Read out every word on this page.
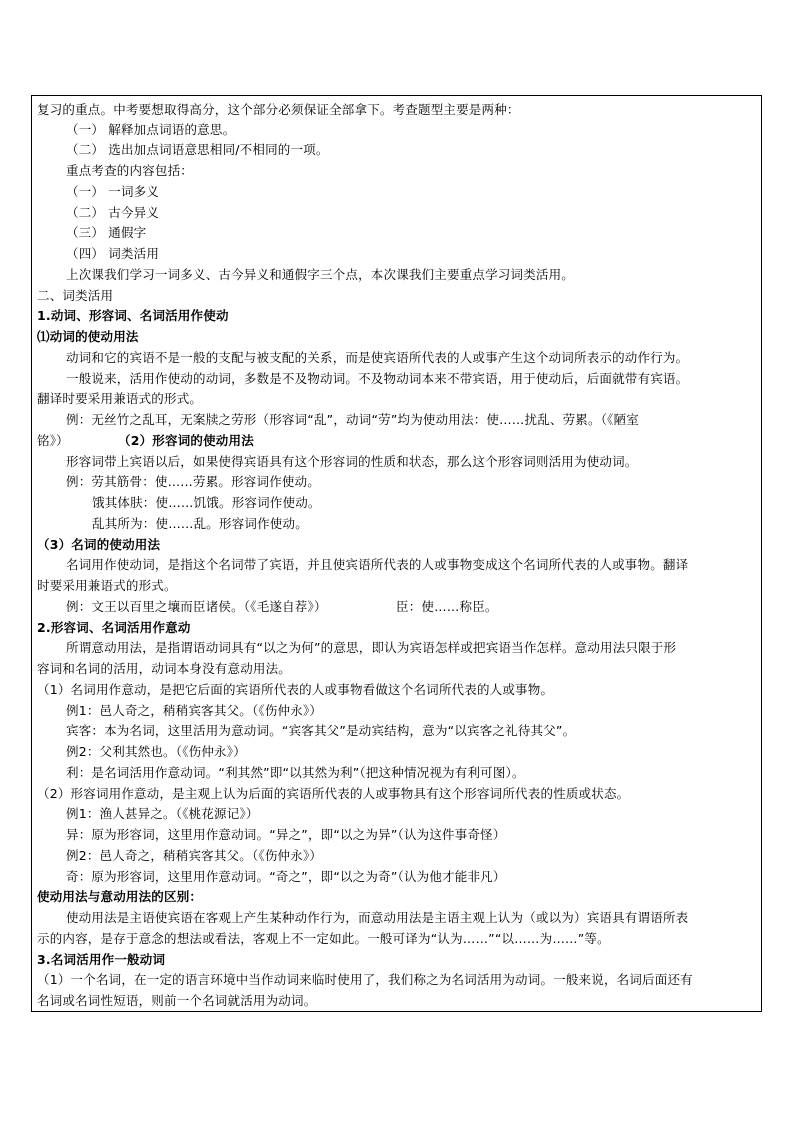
复习的重点。中考要想取得高分，这个部分必须保证全部拿下。考查题型主要是两种：
（一） 解释加点词语的意思。
（二） 选出加点词语意思相同/不相同的一项。
重点考查的内容包括：
（一） 一词多义
（二） 古今异义
（三） 通假字
（四） 词类活用
上次课我们学习一词多义、古今异义和通假字三个点，本次课我们主要重点学习词类活用。
二、词类活用
1.动词、形容词、名词活用作使动
⑴动词的使动用法
动词和它的宾语不是一般的支配与被支配的关系，而是使宾语所代表的人或事产生这个动词所表示的动作行为。
一般说来，活用作使动的动词，多数是不及物动词。不及物动词本来不带宾语，用于使动后，后面就带有宾语。
翻译时要采用兼语式的形式。
例：无丝竹之乱耳，无案牍之劳形（形容词“乱”，动词“劳”均为使动用法：使……扰乱、劳累。（《陋室
铭》）	（2）形容词的使动用法
形容词带上宾语以后，如果使得宾语具有这个形容词的性质和状态，那么这个形容词则活用为使动词。
例：劳其筋骨：使……劳累。形容词作使动。
饿其体肤：使……饥饿。形容词作使动。
乱其所为：使……乱。形容词作使动。
（3）名词的使动用法
名词用作使动词，是指这个名词带了宾语，并且使宾语所代表的人或事物变成这个名词所代表的人或事物。翻译
时要采用兼语式的形式。
例：文王以百里之壤而臣诸侯。（《毛遂自荐》）	臣：使……称臣。
2.形容词、名词活用作意动
所谓意动用法，是指谓语动词具有“以之为何”的意思，即认为宾语怎样或把宾语当作怎样。意动用法只限于形
容词和名词的活用，动词本身没有意动用法。
（1）名词用作意动，是把它后面的宾语所代表的人或事物看做这个名词所代表的人或事物。
例1：邑人奇之，稍稍宾客其父。（《伤仲永》）
宾客：本为名词，这里活用为意动词。“宾客其父”是动宾结构，意为“以宾客之礼待其父”。
例2：父利其然也。（《伤仲永》）
利：是名词活用作意动词。“利其然”即“以其然为利”（把这种情况视为有利可图）。
（2）形容词用作意动，是主观上认为后面的宾语所代表的人或事物具有这个形容词所代表的性质或状态。
例1：渔人甚异之。（《桃花源记》）
异：原为形容词，这里用作意动词。“异之”，即“以之为异”（认为这件事奇怪）
例2：邑人奇之，稍稍宾客其父。（《伤仲永》）
奇：原为形容词，这里用作意动词。“奇之”，即“以之为奇”（认为他才能非凡）
使动用法与意动用法的区别：
使动用法是主语使宾语在客观上产生某种动作行为，而意动用法是主语主观上认为（或以为）宾语具有谓语所表
示的内容，是存于意念的想法或看法，客观上不一定如此。一般可译为“认为……”“以……为……”等。
3.名词活用作一般动词
（1）一个名词，在一定的语言环境中当作动词来临时使用了，我们称之为名词活用为动词。一般来说，名词后面还有
名词或名词性短语，则前一个名词就活用为动词。
